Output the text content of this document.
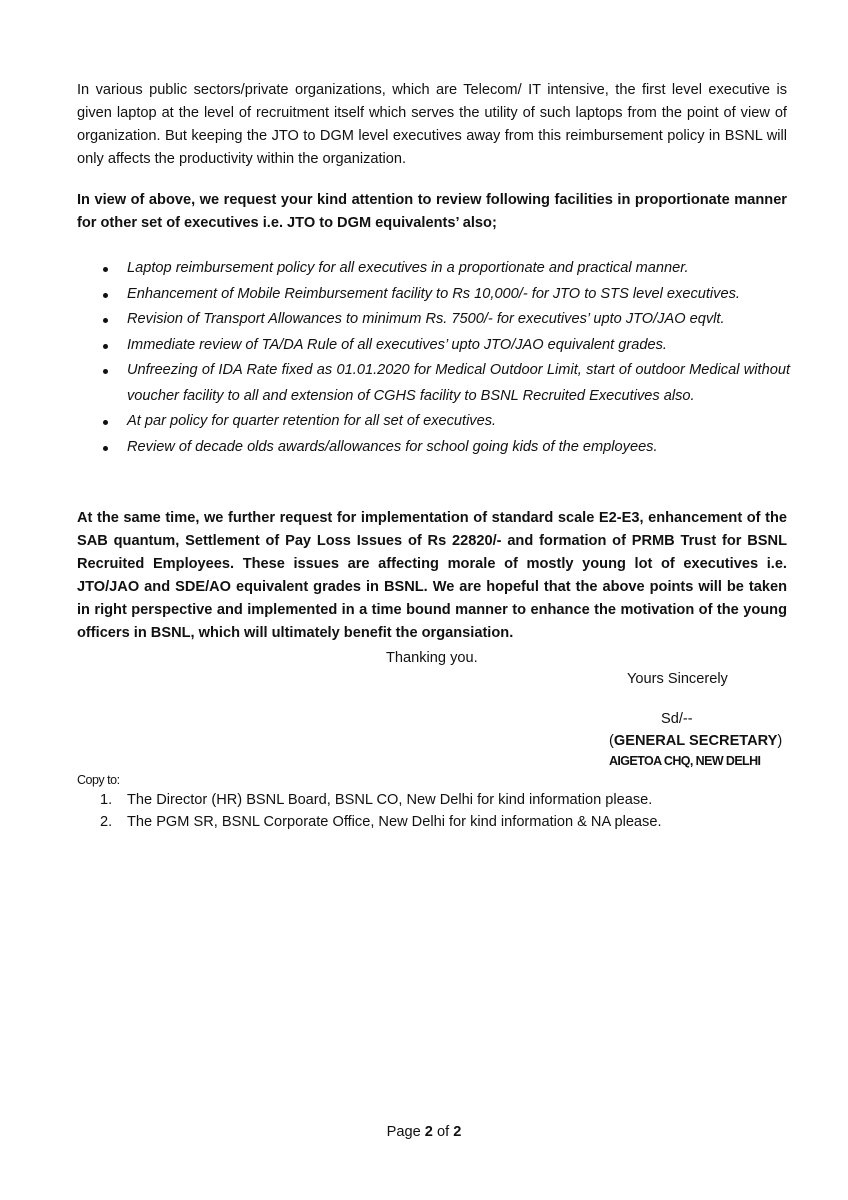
In various public sectors/private organizations, which are Telecom/ IT intensive, the first level executive is given laptop at the level of recruitment itself which serves the utility of such laptops from the point of view of organization. But keeping the JTO to DGM level executives away from this reimbursement policy in BSNL will only affects the productivity within the organization.

In view of above, we request your kind attention to review following facilities in proportionate manner for other set of executives i.e. JTO to DGM equivalents’ also;

Laptop reimbursement policy for all executives in a proportionate and practical manner.
Enhancement of Mobile Reimbursement facility to Rs 10,000/- for JTO to STS level executives.
Revision of Transport Allowances to minimum Rs. 7500/- for executives’ upto JTO/JAO eqvlt.
Immediate review of TA/DA Rule of all executives’ upto JTO/JAO equivalent grades.
Unfreezing of IDA Rate fixed as 01.01.2020 for Medical Outdoor Limit, start of outdoor Medical without voucher facility to all and extension of CGHS facility to BSNL Recruited Executives also.
At par policy for quarter retention for all set of executives.
Review of decade olds awards/allowances for school going kids of the employees.

At the same time, we further request for implementation of standard scale E2-E3, enhancement of the SAB quantum, Settlement of Pay Loss Issues of Rs 22820/- and formation of PRMB Trust for BSNL Recruited Employees. These issues are affecting morale of mostly young lot of executives i.e. JTO/JAO and SDE/AO equivalent grades in BSNL. We are hopeful that the above points will be taken in right perspective and implemented in a time bound manner to enhance the motivation of the young officers in BSNL, which will ultimately benefit the organsiation.

Thanking you.
Yours Sincerely
Sd/--
(GENERAL SECRETARY)
AIGETOA CHQ, NEW DELHI
Copy to:
1. The Director (HR) BSNL Board, BSNL CO, New Delhi for kind information please.
2. The PGM SR, BSNL Corporate Office, New Delhi for kind information & NA please.
Page 2 of 2
